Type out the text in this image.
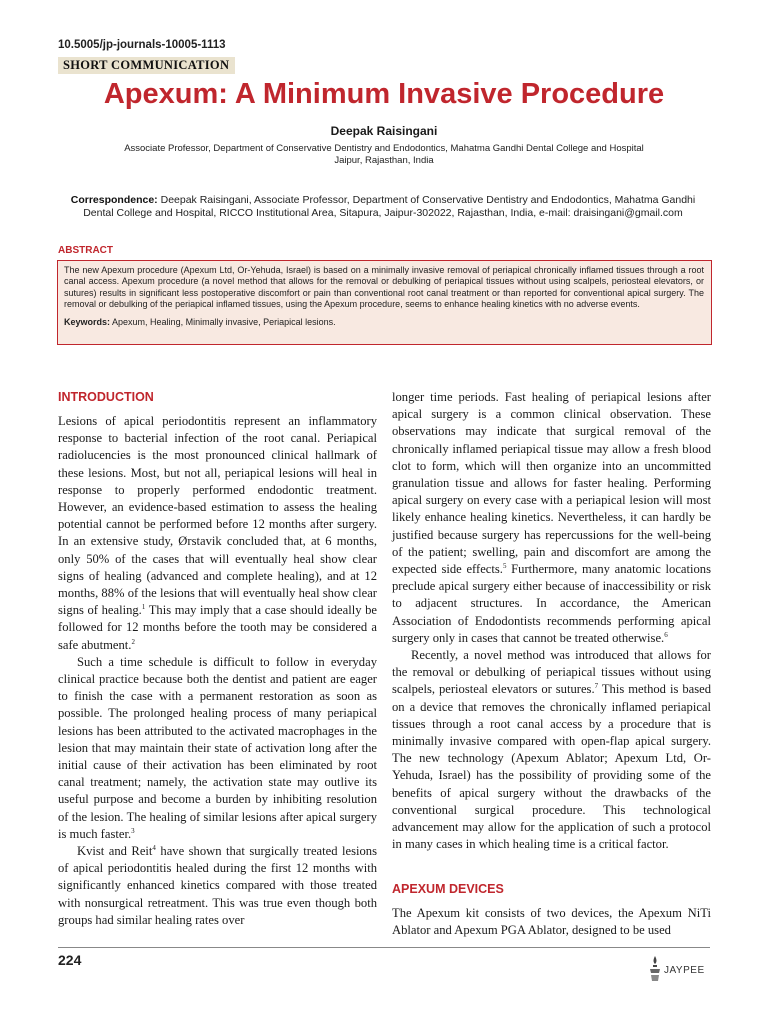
10.5005/jp-journals-10005-1113
SHORT COMMUNICATION
Apexum: A Minimum Invasive Procedure
Deepak Raisingani
Associate Professor, Department of Conservative Dentistry and Endodontics, Mahatma Gandhi Dental College and Hospital
Jaipur, Rajasthan, India
Correspondence: Deepak Raisingani, Associate Professor, Department of Conservative Dentistry and Endodontics, Mahatma Gandhi Dental College and Hospital, RICCO Institutional Area, Sitapura, Jaipur-302022, Rajasthan, India, e-mail: draisingani@gmail.com
ABSTRACT

The new Apexum procedure (Apexum Ltd, Or-Yehuda, Israel) is based on a minimally invasive removal of periapical chronically inflamed tissues through a root canal access. Apexum procedure (a novel method that allows for the removal or debulking of periapical tissues without using scalpels, periosteal elevators, or sutures) results in significant less postoperative discomfort or pain than conventional root canal treatment or than reported for conventional apical surgery. The removal or debulking of the periapical inflamed tissues, using the Apexum procedure, seems to enhance healing kinetics with no adverse events.

Keywords: Apexum, Healing, Minimally invasive, Periapical lesions.

INTRODUCTION

Lesions of apical periodontitis represent an inflammatory response to bacterial infection of the root canal. Periapical radiolucencies is the most pronounced clinical hallmark of these lesions. Most, but not all, periapical lesions will heal in response to properly performed endodontic treatment. However, an evidence-based estimation to assess the healing potential cannot be performed before 12 months after surgery. In an extensive study, Ørstavik concluded that, at 6 months, only 50% of the cases that will eventually heal show clear signs of healing (advanced and complete healing), and at 12 months, 88% of the lesions that will eventually heal show clear signs of healing.$^1$ This may imply that a case should ideally be followed for 12 months before the tooth may be considered a safe abutment.$^2$

Such a time schedule is difficult to follow in everyday clinical practice because both the dentist and patient are eager to finish the case with a permanent restoration as soon as possible. The prolonged healing process of many periapical lesions has been attributed to the activated macrophages in the lesion that may maintain their state of activation long after the initial cause of their activation has been eliminated by root canal treatment; namely, the activation state may outlive its useful purpose and become a burden by inhibiting resolution of the lesion. The healing of similar lesions after apical surgery is much faster.$^3$

Kvist and Reit$^4$ have shown that surgically treated lesions of apical periodontitis healed during the first 12 months with significantly enhanced kinetics compared with those treated with nonsurgical retreatment. This was true even though both groups had similar healing rates over

longer time periods. Fast healing of periapical lesions after apical surgery is a common clinical observation. These observations may indicate that surgical removal of the chronically inflamed periapical tissue may allow a fresh blood clot to form, which will then organize into an uncommitted granulation tissue and allows for faster healing. Performing apical surgery on every case with a periapical lesion will most likely enhance healing kinetics. Nevertheless, it can hardly be justified because surgery has repercussions for the well-being of the patient; swelling, pain and discomfort are among the expected side effects.$^5$ Furthermore, many anatomic locations preclude apical surgery either because of inaccessibility or risk to adjacent structures. In accordance, the American Association of Endodontists recommends performing apical surgery only in cases that cannot be treated otherwise.$^6$

Recently, a novel method was introduced that allows for the removal or debulking of periapical tissues without using scalpels, periosteal elevators or sutures.$^7$ This method is based on a device that removes the chronically inflamed periapical tissues through a root canal access by a procedure that is minimally invasive compared with open-flap apical surgery. The new technology (Apexum Ablator; Apexum Ltd, Or- Yehuda, Israel) has the possibility of providing some of the benefits of apical surgery without the drawbacks of the conventional surgical procedure. This technological advancement may allow for the application of such a protocol in many cases in which healing time is a critical factor.

APEXUM DEVICES

The Apexum kit consists of two devices, the Apexum NiTi Ablator and Apexum PGA Ablator, designed to be used

224
JAYPEE
